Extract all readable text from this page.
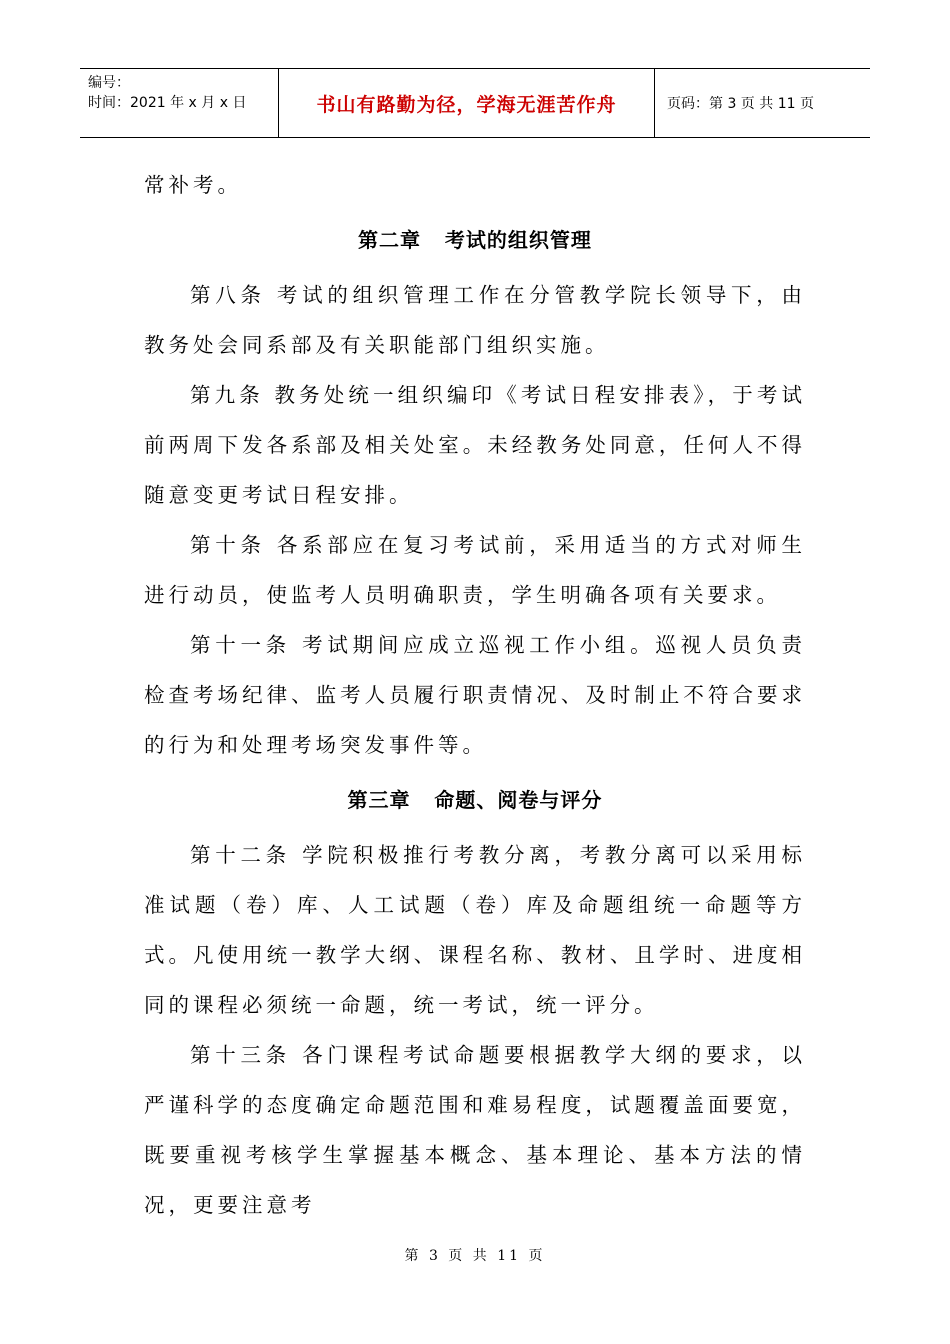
编号：
时间：2021 年 x 月 x 日	书山有路勤为径，学海无涯苦作舟	页码：第 3 页 共 11 页

常补考。

第二章   考试的组织管理

第八条 考试的组织管理工作在分管教学院长领导下，由教务处会同系部及有关职能部门组织实施。

第九条 教务处统一组织编印《考试日程安排表》，于考试前两周下发各系部及相关处室。未经教务处同意，任何人不得随意变更考试日程安排。

第十条 各系部应在复习考试前，采用适当的方式对师生进行动员，使监考人员明确职责，学生明确各项有关要求。

第十一条 考试期间应成立巡视工作小组。巡视人员负责检查考场纪律、监考人员履行职责情况、及时制止不符合要求的行为和处理考场突发事件等。

第三章   命题、阅卷与评分

第十二条 学院积极推行考教分离，考教分离可以采用标准试题（卷）库、人工试题（卷）库及命题组统一命题等方式。凡使用统一教学大纲、课程名称、教材、且学时、进度相同的课程必须统一命题，统一考试，统一评分。

第十三条 各门课程考试命题要根据教学大纲的要求，以严谨科学的态度确定命题范围和难易程度，试题覆盖面要宽，既要重视考核学生掌握基本概念、基本理论、基本方法的情况，更要注意考

第 3 页 共 11 页
